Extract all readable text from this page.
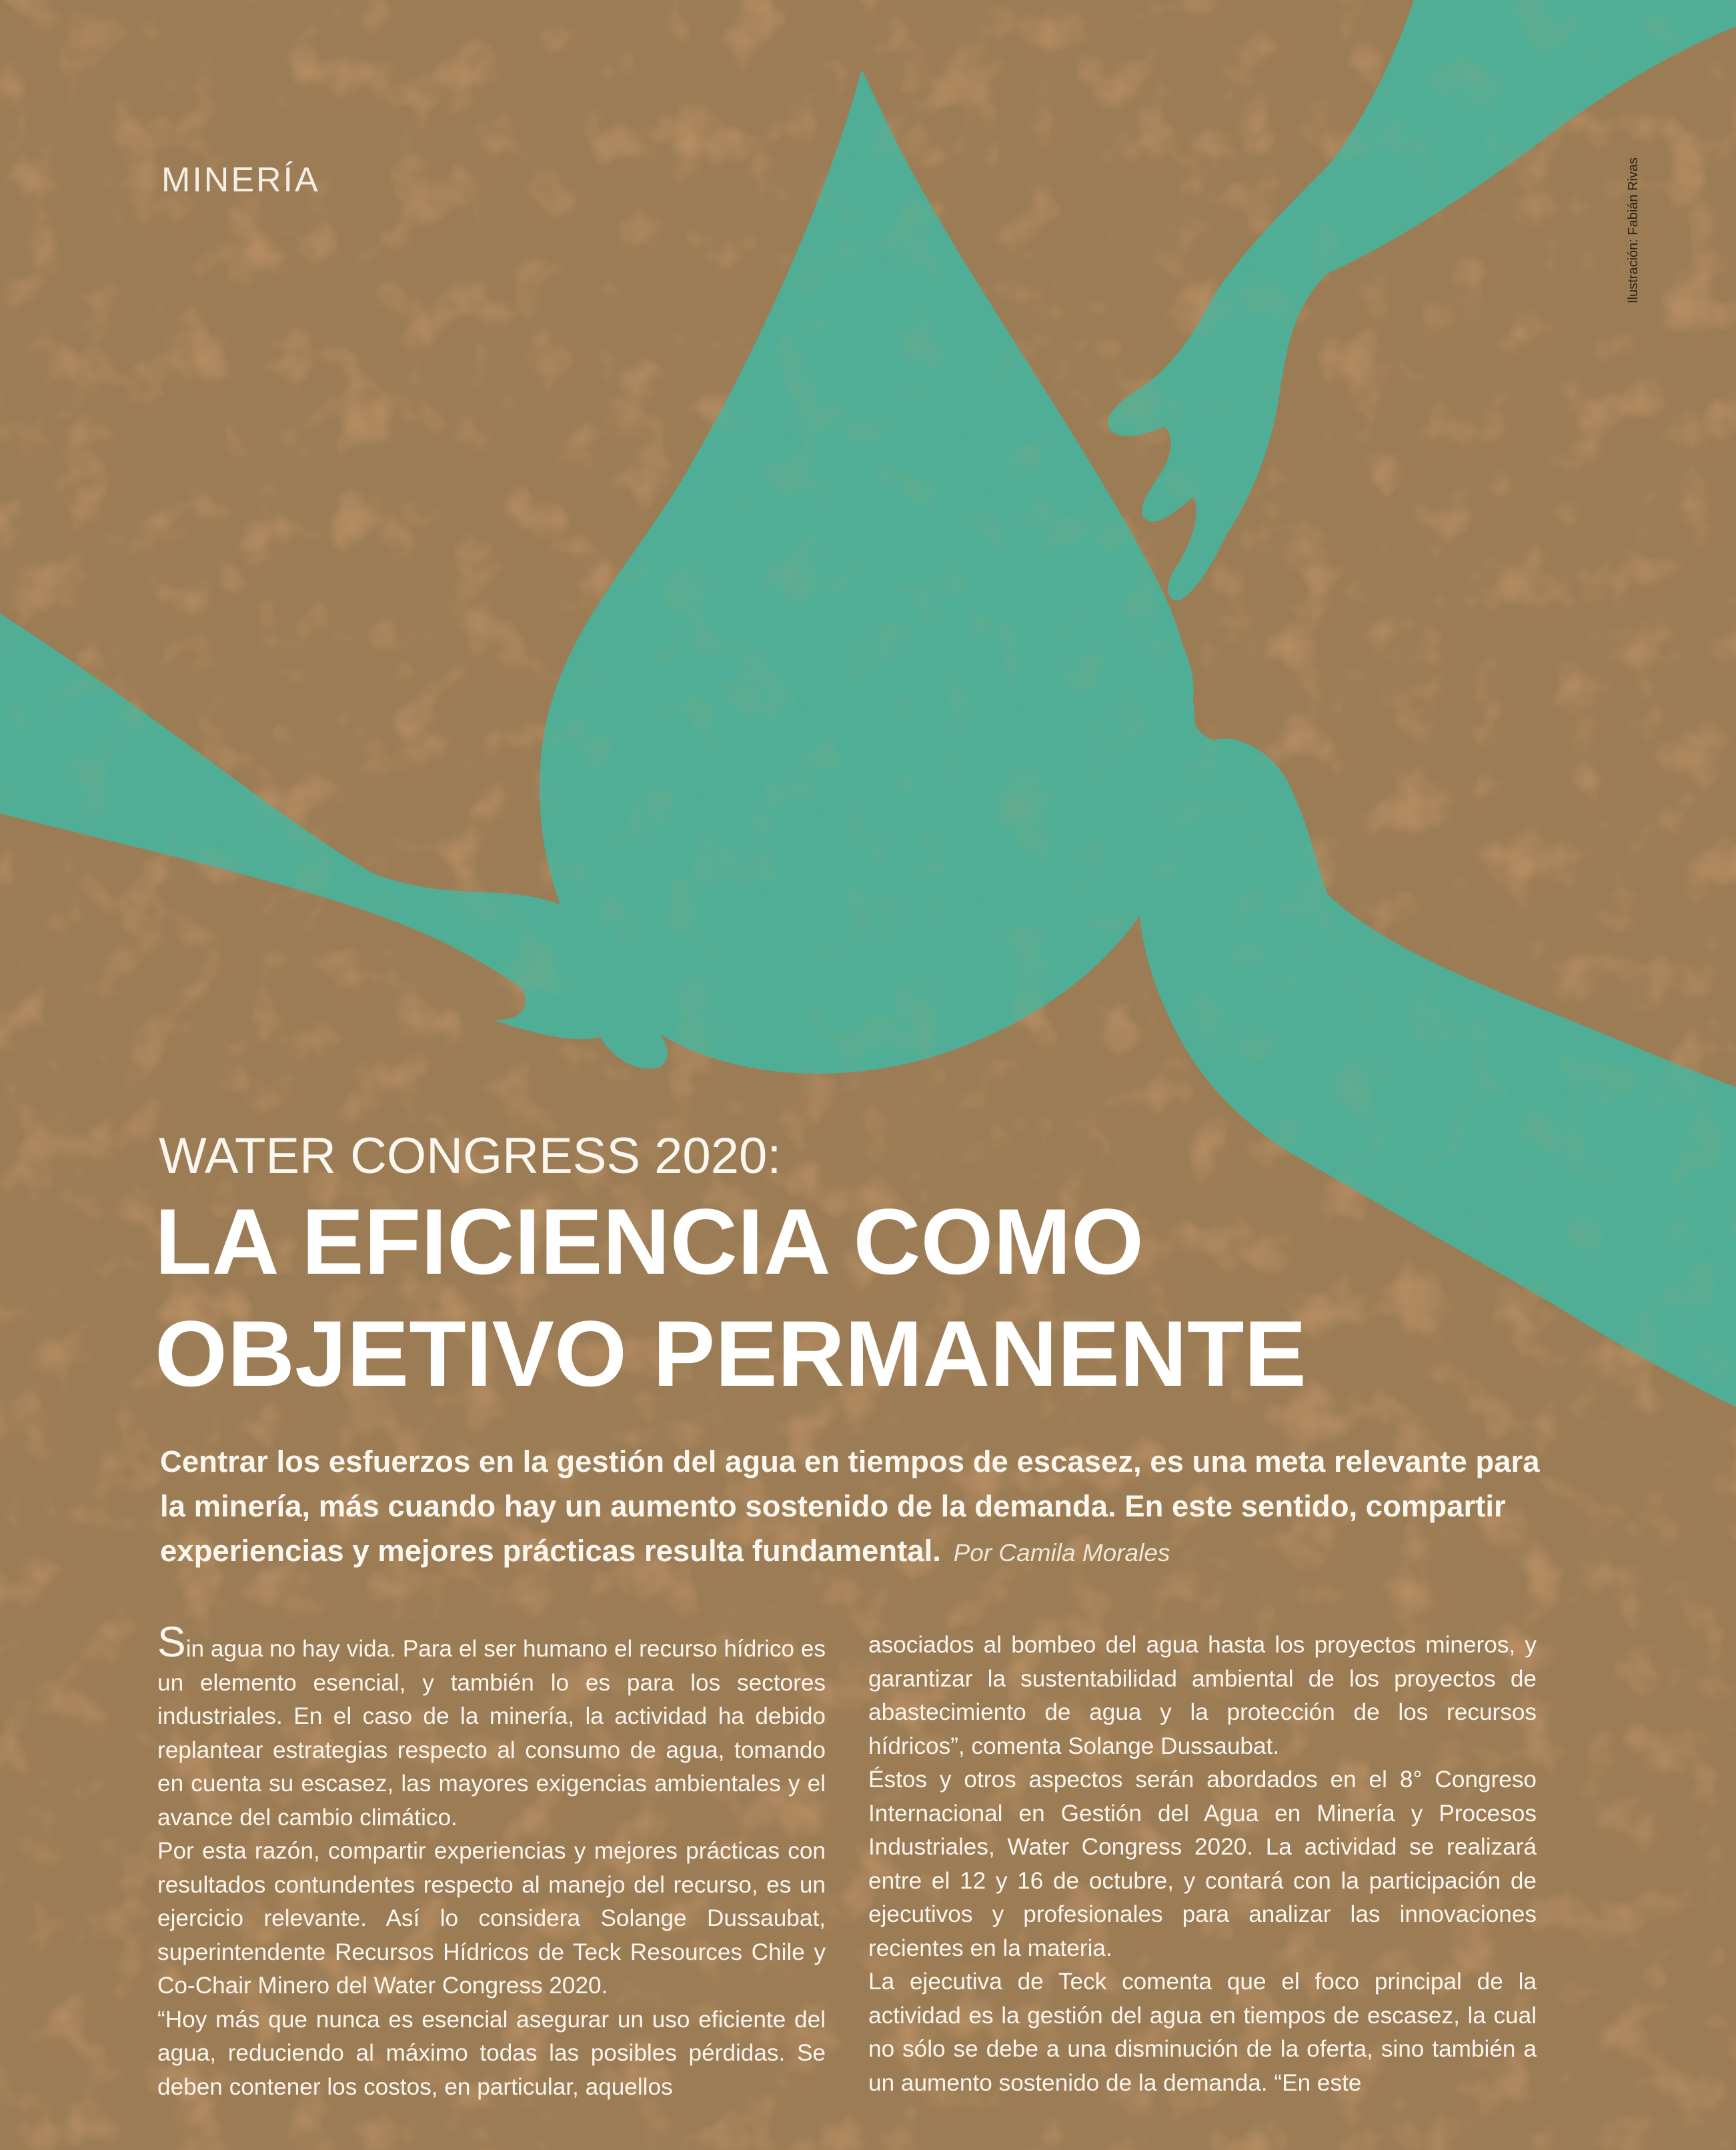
MINERÍA	Ilustración: Fabián Rivas
WATER CONGRESS 2020:
LA EFICIENCIA COMO
OBJETIVO PERMANENTE
Centrar los esfuerzos en la gestión del agua en tiempos de escasez, es una meta relevante para la minería, más cuando hay un aumento sostenido de la demanda. En este sentido, compartir experiencias y mejores prácticas resulta fundamental. Por Camila Morales

Sin agua no hay vida. Para el ser humano el recurso hídrico es un elemento esencial, y también lo es para los sectores industriales. En el caso de la minería, la actividad ha debido replantear estrategias respecto al consumo de agua, tomando en cuenta su escasez, las mayores exigencias ambientales y el avance del cambio climático.

Por esta razón, compartir experiencias y mejores prácticas con resultados contundentes respecto al manejo del recurso, es un ejercicio relevante. Así lo considera Solange Dussaubat, superintendente Recursos Hídricos de Teck Resources Chile y Co-Chair Minero del Water Congress 2020.

“Hoy más que nunca es esencial asegurar un uso eficiente del agua, reduciendo al máximo todas las posibles pérdidas. Se deben contener los costos, en particular, aquellos

asociados al bombeo del agua hasta los proyectos mineros, y garantizar la sustentabilidad ambiental de los proyectos de abastecimiento de agua y la protección de los recursos hídricos”, comenta Solange Dussaubat.

Éstos y otros aspectos serán abordados en el 8° Congreso Internacional en Gestión del Agua en Minería y Procesos Industriales, Water Congress 2020. La actividad se realizará entre el 12 y 16 de octubre, y contará con la participación de ejecutivos y profesionales para analizar las innovaciones recientes en la materia.

La ejecutiva de Teck comenta que el foco principal de la actividad es la gestión del agua en tiempos de escasez, la cual no sólo se debe a una disminución de la oferta, sino también a un aumento sostenido de la demanda. “En este
